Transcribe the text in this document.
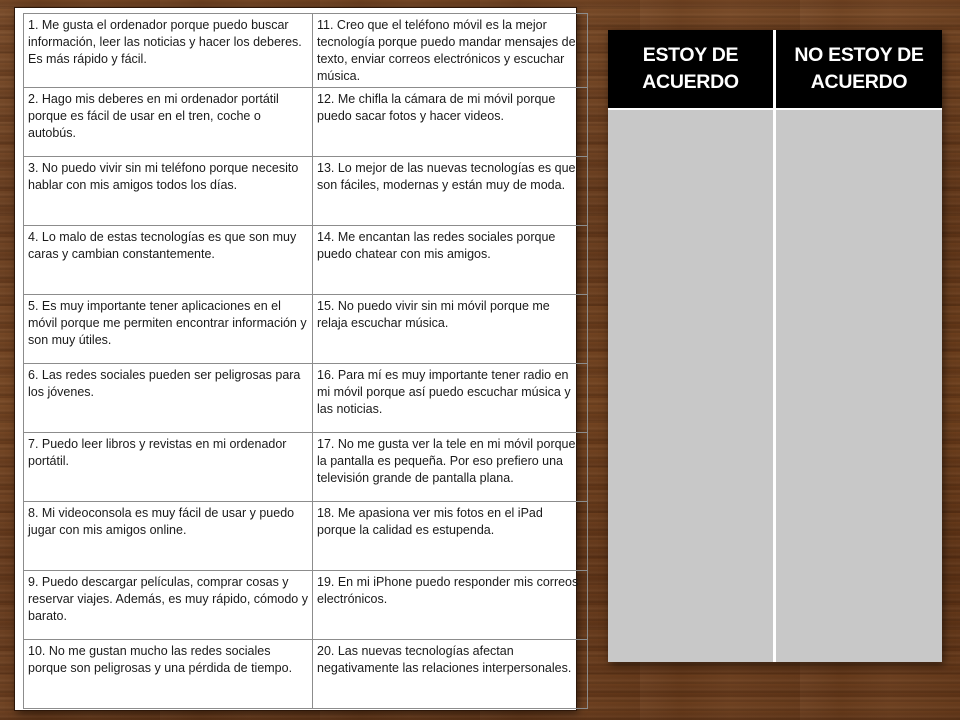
1. Me gusta el ordenador porque puedo buscar información, leer las noticias y hacer los deberes. Es más rápido y fácil.	11. Creo que el teléfono móvil es la mejor tecnología porque puedo mandar mensajes de texto, enviar correos electrónicos y escuchar música.
2. Hago mis deberes en mi ordenador portátil porque es fácil de usar en el tren, coche o autobús.	12. Me chifla la cámara de mi móvil porque puedo sacar fotos y hacer videos.
3. No puedo vivir sin mi teléfono porque necesito hablar con mis amigos todos los días.	13. Lo mejor de las nuevas tecnologías es que son fáciles, modernas y están muy de moda.
4. Lo malo de estas tecnologías es que son muy caras y cambian constantemente.	14. Me encantan las redes sociales porque puedo chatear con mis amigos.
5. Es muy importante tener aplicaciones en el móvil porque me permiten encontrar información y son muy útiles.	15. No puedo vivir sin mi móvil porque me relaja escuchar música.
6. Las redes sociales pueden ser peligrosas para los jóvenes.	16. Para mí es muy importante tener radio en mi móvil porque así puedo escuchar música y las noticias.
7. Puedo leer libros y revistas en mi ordenador portátil.	17. No me gusta ver la tele en mi móvil porque la pantalla es pequeña. Por eso prefiero una televisión grande de pantalla plana.
8. Mi videoconsola es muy fácil de usar y puedo jugar con mis amigos online.	18. Me apasiona ver mis fotos en el iPad porque la calidad es estupenda.
9. Puedo descargar películas, comprar cosas y reservar viajes. Además, es muy rápido, cómodo y barato.	19. En mi iPhone puedo responder mis correos electrónicos.
10. No me gustan mucho las redes sociales porque son peligrosas y una pérdida de tiempo.	20. Las nuevas tecnologías afectan negativamente las relaciones interpersonales.
ESTOY DE
ACUERDO
NO ESTOY DE
ACUERDO
